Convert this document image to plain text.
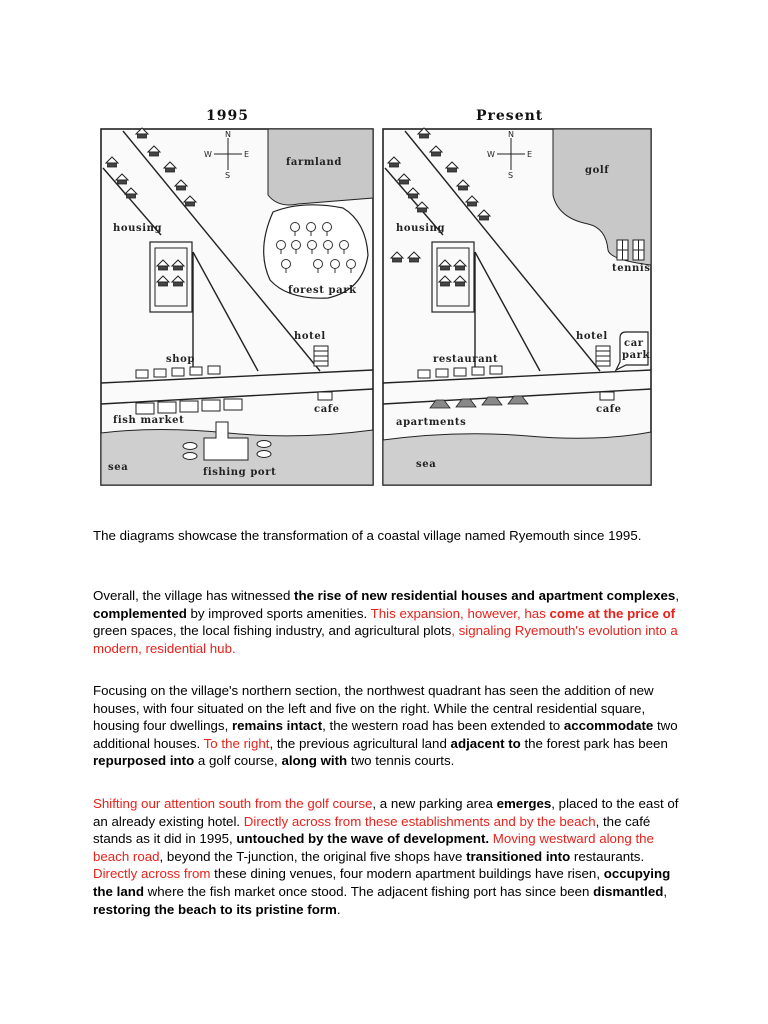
1995
farmland
N
S
W	E
housing
forest park
hotel
shop
cafe
fish market
sea	fishing port
Present
golf
N
S
W	E
housing
tennis
hotel
car
park
restaurant
cafe
apartments
sea
The diagrams showcase the transformation of a coastal village named Ryemouth since 1995.
Overall, the village has witnessed the rise of new residential houses and apartment complexes, complemented by improved sports amenities. This expansion, however, has come at the price of green spaces, the local fishing industry, and agricultural plots, signaling Ryemouth's evolution into a modern, residential hub.
Focusing on the village's northern section, the northwest quadrant has seen the addition of new houses, with four situated on the left and five on the right. While the central residential square, housing four dwellings, remains intact, the western road has been extended to accommodate two additional houses. To the right, the previous agricultural land adjacent to the forest park has been repurposed into a golf course, along with two tennis courts.
Shifting our attention south from the golf course, a new parking area emerges, placed to the east of an already existing hotel. Directly across from these establishments and by the beach, the café stands as it did in 1995, untouched by the wave of development. Moving westward along the beach road, beyond the T-junction, the original five shops have transitioned into restaurants. Directly across from these dining venues, four modern apartment buildings have risen, occupying the land where the fish market once stood. The adjacent fishing port has since been dismantled, restoring the beach to its pristine form.
